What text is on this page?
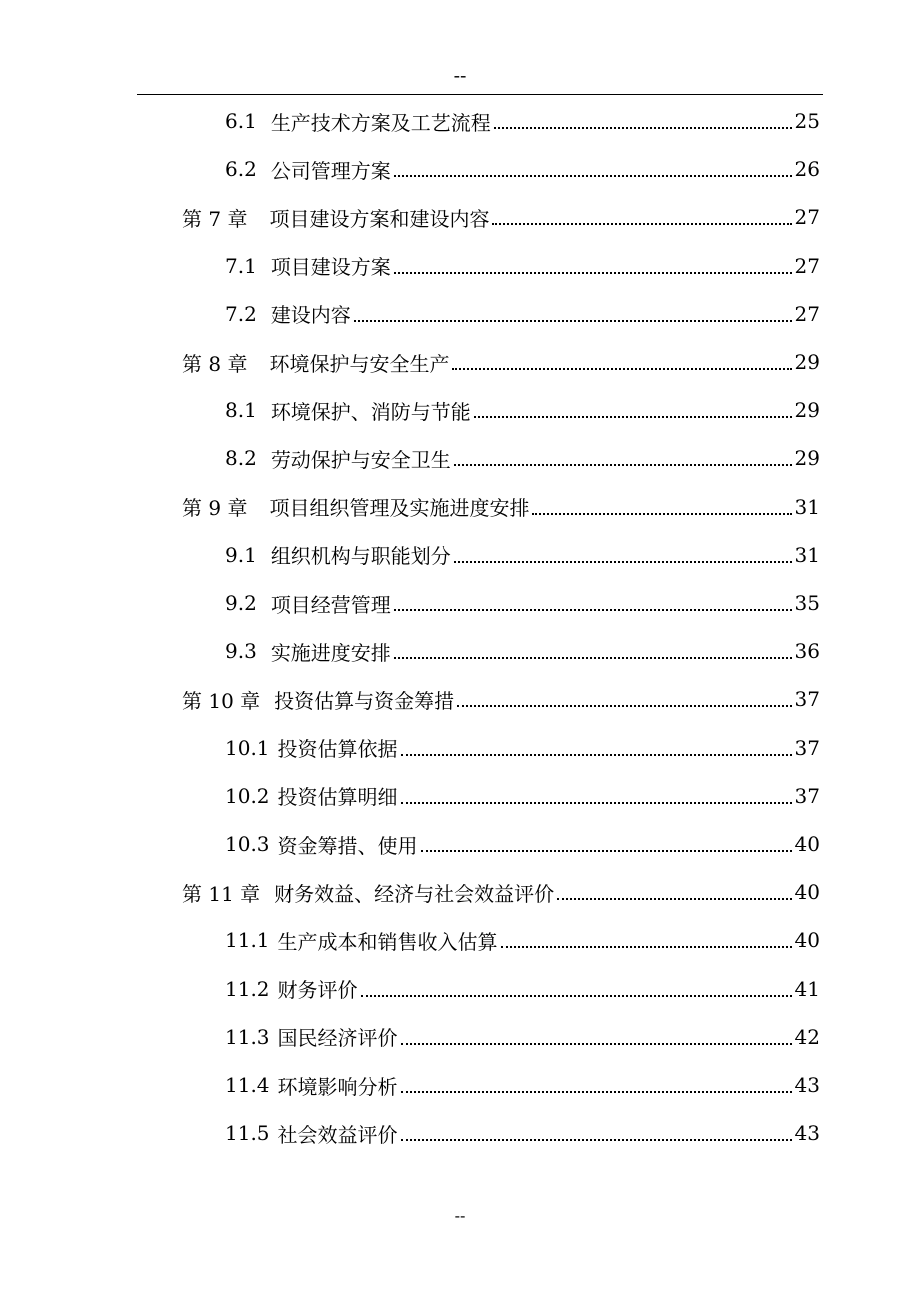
--
6.1 生产技术方案及工艺流程	25
6.2 公司管理方案	26
第 7 章	项目建设方案和建设内容	27
7.1 项目建设方案	27
7.2 建设内容	27
第 8 章	环境保护与安全生产	29
8.1 环境保护、消防与节能	29
8.2 劳动保护与安全卫生	29
第 9 章	项目组织管理及实施进度安排	31
9.1 组织机构与职能划分	31
9.2 项目经营管理	35
9.3 实施进度安排	36
第 10 章 投资估算与资金筹措	37
10.1 投资估算依据	37
10.2 投资估算明细	37
10.3 资金筹措、使用	40
第 11 章 财务效益、经济与社会效益评价	40
11.1 生产成本和销售收入估算	40
11.2 财务评价	41
11.3 国民经济评价	42
11.4 环境影响分析	43
11.5 社会效益评价	43
--
